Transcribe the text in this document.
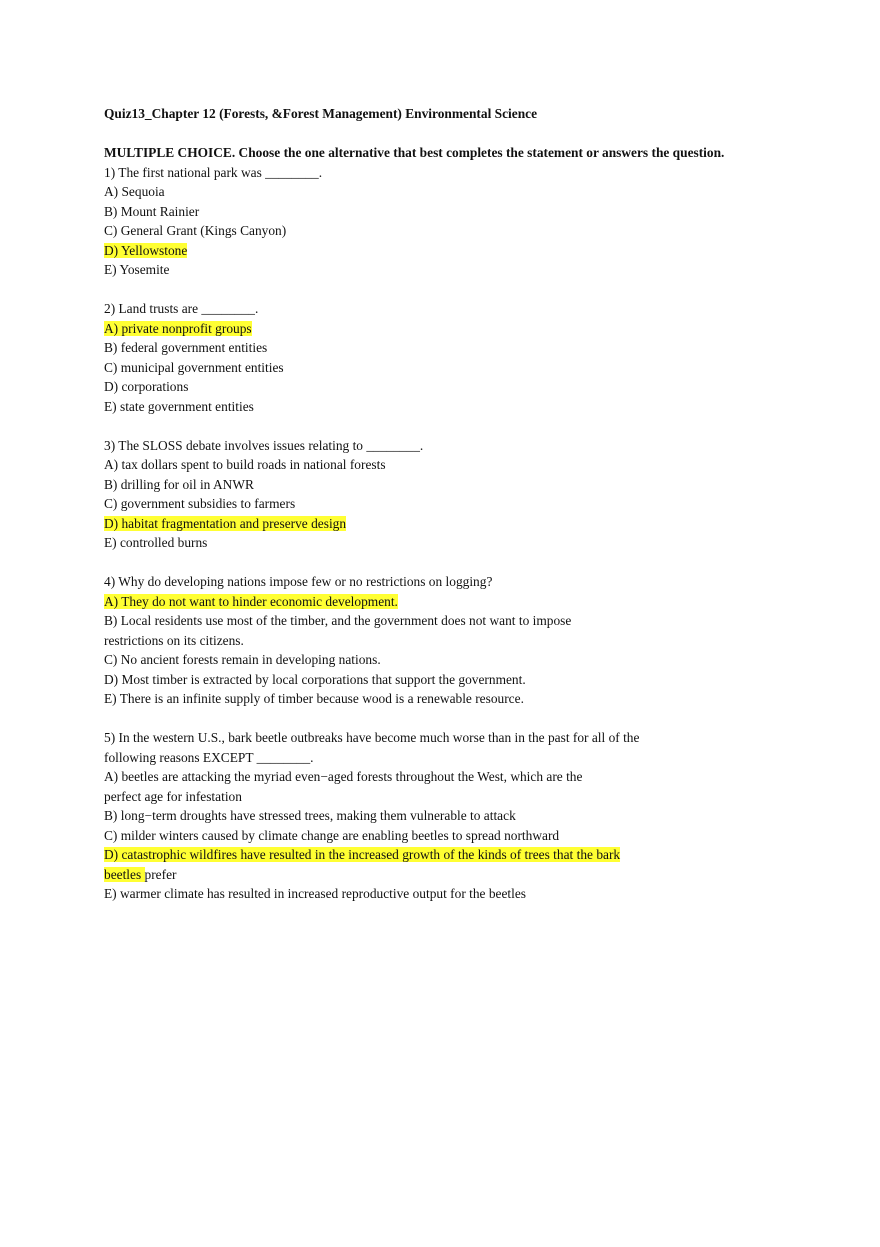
Quiz13_Chapter 12 (Forests, &Forest Management) Environmental Science
MULTIPLE CHOICE. Choose the one alternative that best completes the statement or answers the question.
1) The first national park was ________.
A) Sequoia
B) Mount Rainier
C) General Grant (Kings Canyon)
D) Yellowstone
E) Yosemite
2) Land trusts are ________.
A) private nonprofit groups
B) federal government entities
C) municipal government entities
D) corporations
E) state government entities
3) The SLOSS debate involves issues relating to ________.
A) tax dollars spent to build roads in national forests
B) drilling for oil in ANWR
C) government subsidies to farmers
D) habitat fragmentation and preserve design
E) controlled burns
4) Why do developing nations impose few or no restrictions on logging?
A) They do not want to hinder economic development.
B) Local residents use most of the timber, and the government does not want to impose
restrictions on its citizens.
C) No ancient forests remain in developing nations.
D) Most timber is extracted by local corporations that support the government.
E) There is an infinite supply of timber because wood is a renewable resource.
5) In the western U.S., bark beetle outbreaks have become much worse than in the past for all of the
following reasons EXCEPT ________.
A) beetles are attacking the myriad even−aged forests throughout the West, which are the
perfect age for infestation
B) long−term droughts have stressed trees, making them vulnerable to attack
C) milder winters caused by climate change are enabling beetles to spread northward
D) catastrophic wildfires have resulted in the increased growth of the kinds of trees that the bark
beetles prefer
E) warmer climate has resulted in increased reproductive output for the beetles
